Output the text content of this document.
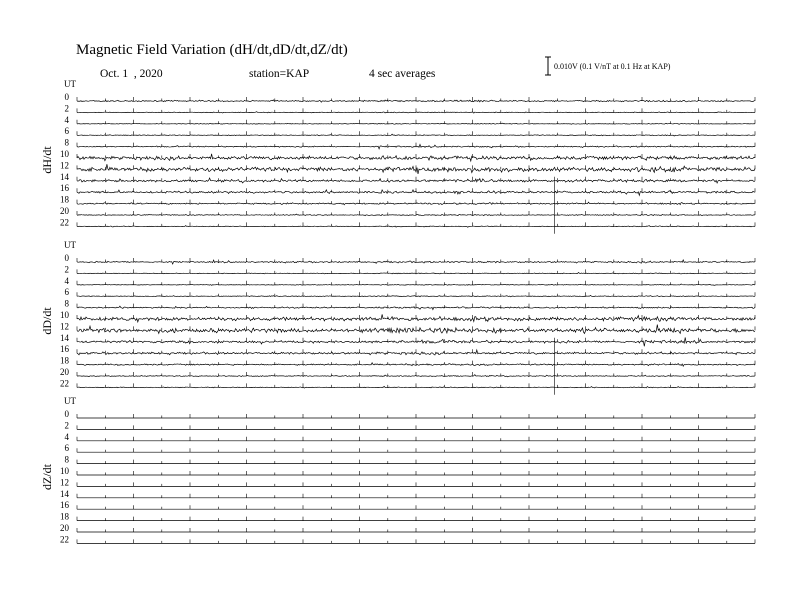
Magnetic Field Variation (dH/dt,dD/dt,dZ/dt)
Oct. 1  , 2020	station=KAP	4 sec averages
0.010V (0.1 V/nT at 0.1 Hz at KAP)
UT
dH/dt
0
2
4
6
8
10
12
14
16
18
20
22
UT
dD/dt
0
2
4
6
8
10
12
14
16
18
20
22
UT
dZ/dt
0
2
4
6
8
10
12
14
16
18
20
22
